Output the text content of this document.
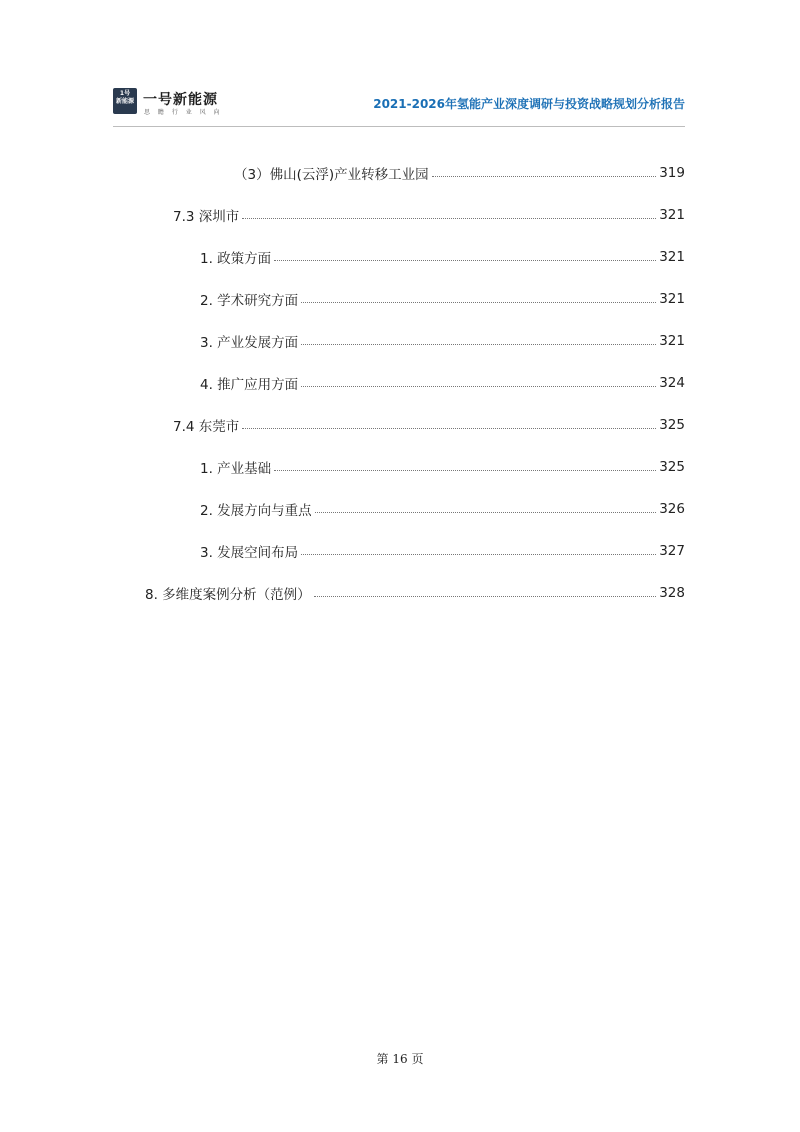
1号
新能源 一号新能源
思 瞻 行 业 风 向
2021-2026年氢能产业深度调研与投资战略规划分析报告
（3）佛山(云浮)产业转移工业园	319
7.3 深圳市	321
1. 政策方面	321
2. 学术研究方面	321
3. 产业发展方面	321
4. 推广应用方面	324
7.4 东莞市	325
1. 产业基础	325
2. 发展方向与重点	326
3. 发展空间布局	327
8. 多维度案例分析（范例）	328
第 16 页
